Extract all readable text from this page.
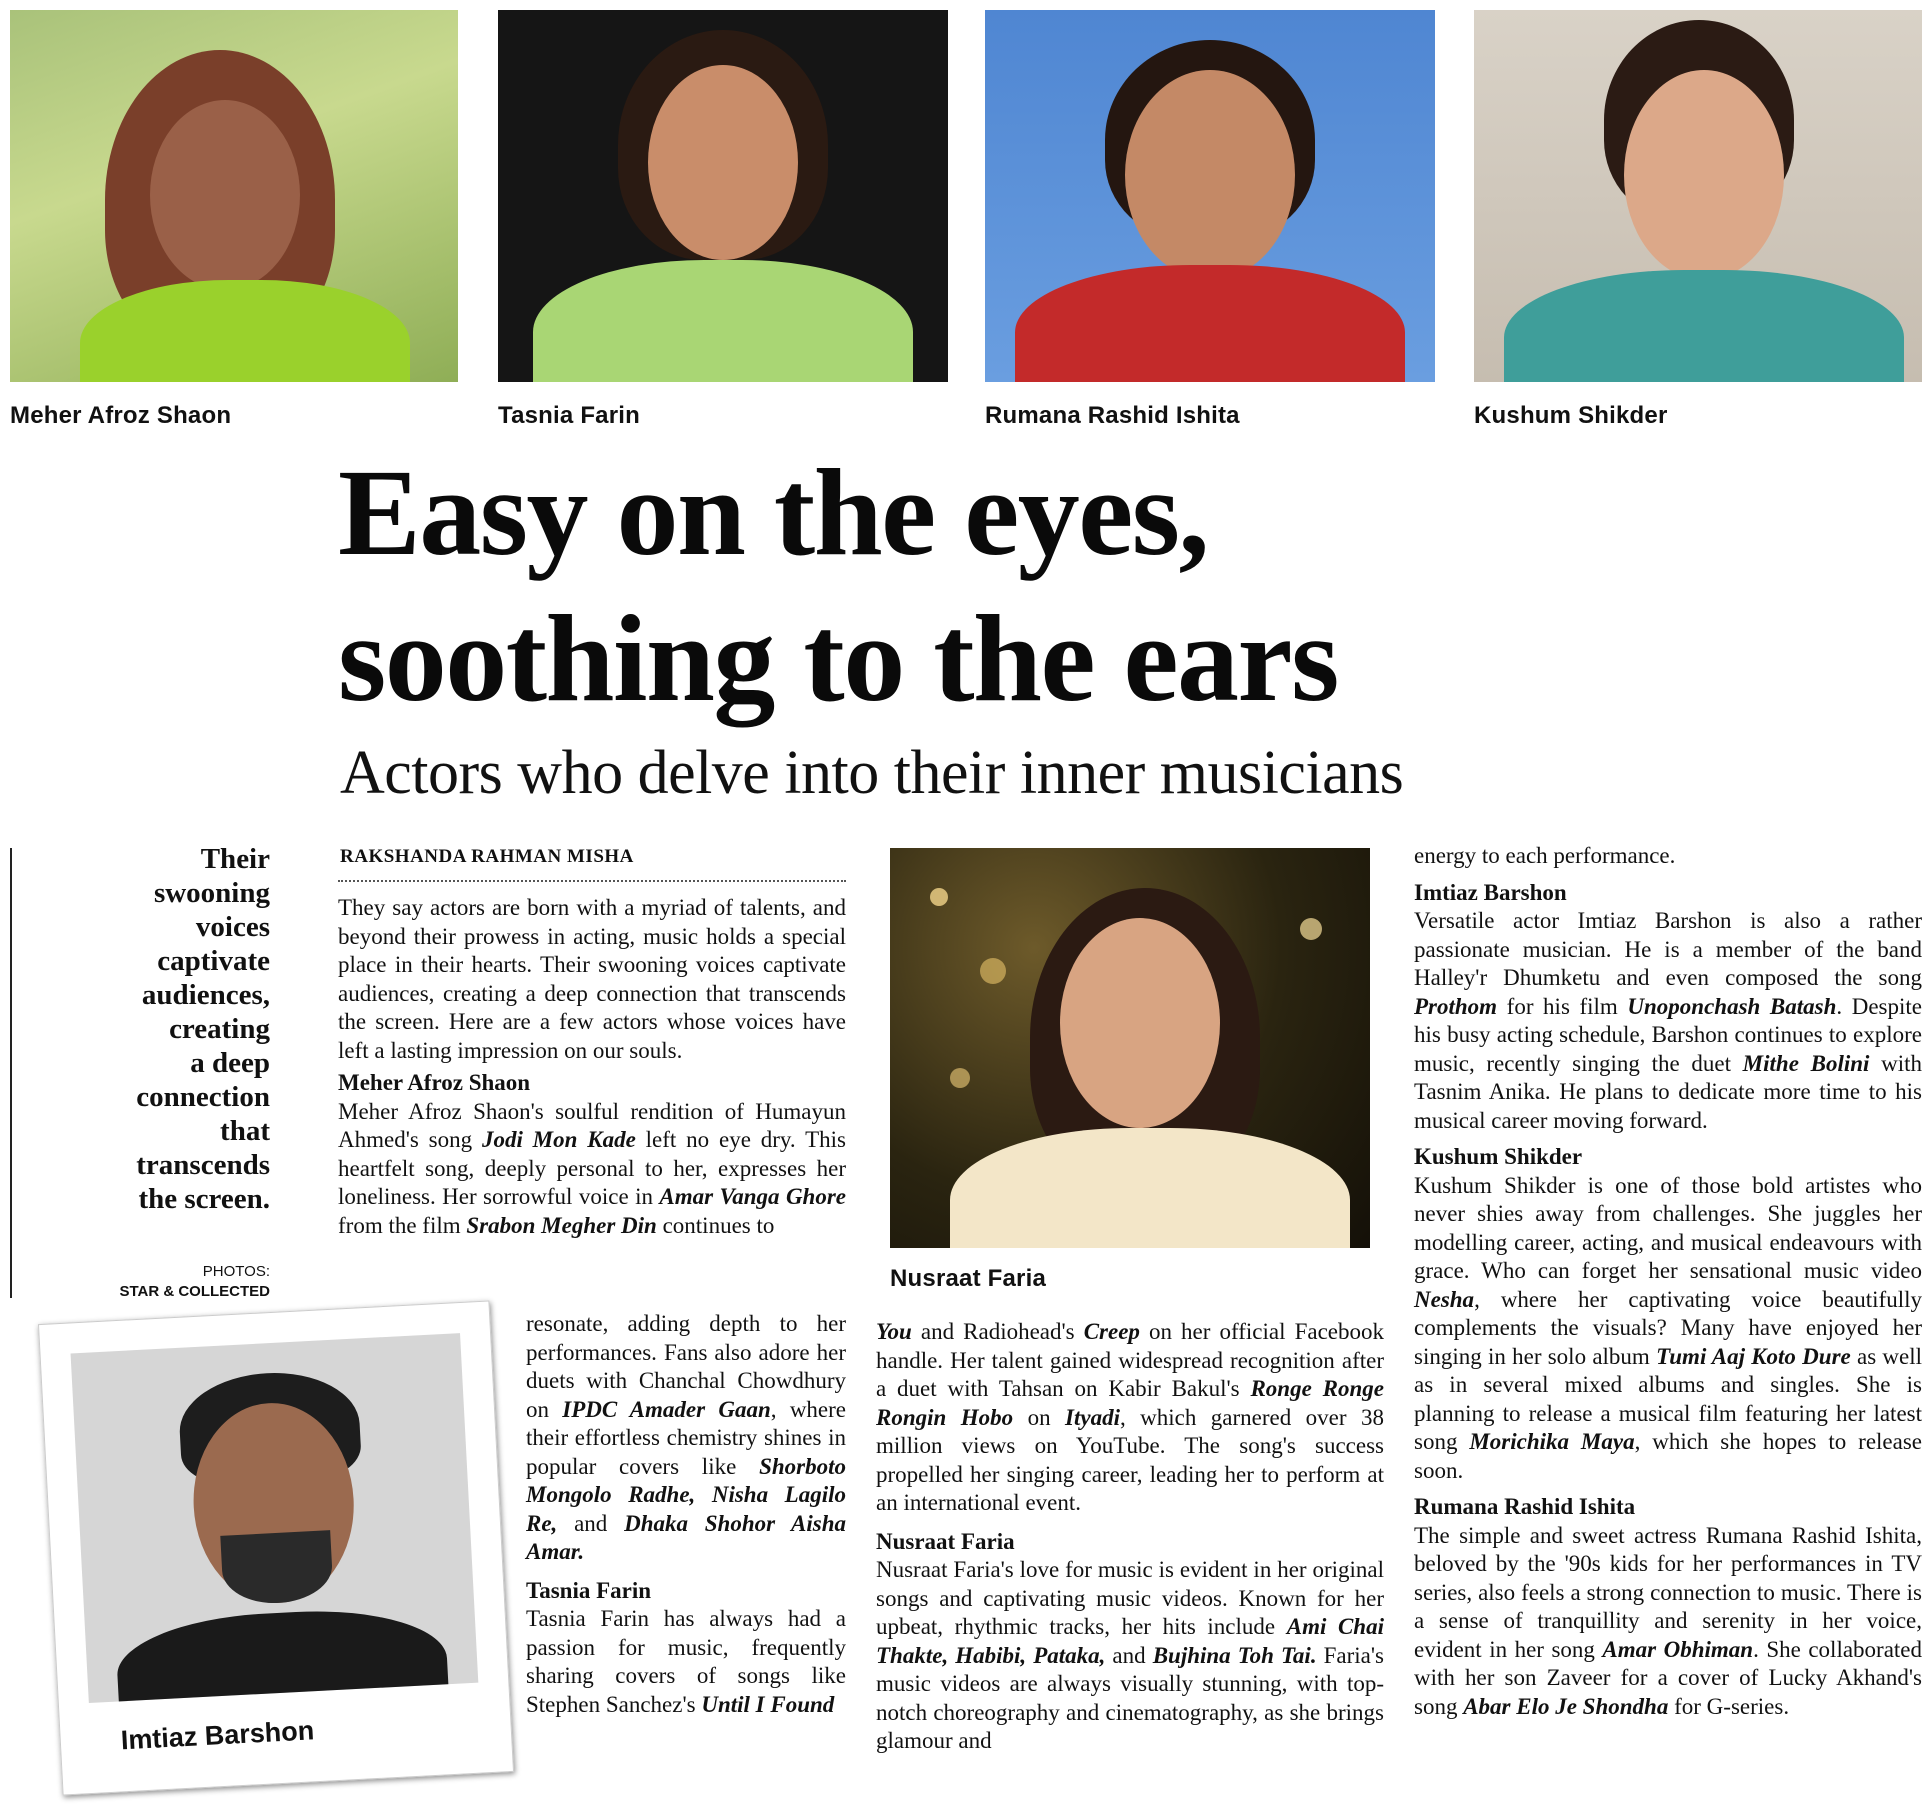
Meher Afroz Shaon	Tasnia Farin	Rumana Rashid Ishita	Kushum Shikder
Easy on the eyes,
soothing to the ears
Actors who delve into their inner musicians
Their
swooning
voices
captivate
audiences,
creating
a deep
connection
that
transcends
the screen.
PHOTOS:
STAR & COLLECTED
RAKSHANDA RAHMAN MISHA

They say actors are born with a myriad of talents, and beyond their prowess in acting, music holds a special place in their hearts. Their swooning voices captivate audiences, creating a deep connection that transcends the screen. Here are a few actors whose voices have left a lasting impression on our souls.

Meher Afroz Shaon

Meher Afroz Shaon's soulful rendition of Humayun Ahmed's song Jodi Mon Kade left no eye dry. This heartfelt song, deeply personal to her, expresses her loneliness. Her sorrowful voice in Amar Vanga Ghore from the film Srabon Megher Din continues to

resonate, adding depth to her performances. Fans also adore her duets with Chanchal Chowdhury on IPDC Amader Gaan, where their effortless chemistry shines in popular covers like Shorboto Mongolo Radhe, Nisha Lagilo Re, and Dhaka Shohor Aisha Amar.

Tasnia Farin

Tasnia Farin has always had a passion for music, frequently sharing covers of songs like Stephen Sanchez's Until I Found

Imtiaz Barshon
Nusraat Faria

You and Radiohead's Creep on her official Facebook handle. Her talent gained widespread recognition after a duet with Tahsan on Kabir Bakul's Ronge Ronge Rongin Hobo on Ityadi, which garnered over 38 million views on YouTube. The song's success propelled her singing career, leading her to perform at an international event.

Nusraat Faria

Nusraat Faria's love for music is evident in her original songs and captivating music videos. Known for her upbeat, rhythmic tracks, her hits include Ami Chai Thakte, Habibi, Pataka, and Bujhina Toh Tai. Faria's music videos are always visually stunning, with top-notch choreography and cinematography, as she brings glamour and

energy to each performance.

Imtiaz Barshon

Versatile actor Imtiaz Barshon is also a rather passionate musician. He is a member of the band Halley'r Dhumketu and even composed the song Prothom for his film Unoponchash Batash. Despite his busy acting schedule, Barshon continues to explore music, recently singing the duet Mithe Bolini with Tasnim Anika. He plans to dedicate more time to his musical career moving forward.

Kushum Shikder

Kushum Shikder is one of those bold artistes who never shies away from challenges. She juggles her modelling career, acting, and musical endeavours with grace. Who can forget her sensational music video Nesha, where her captivating voice beautifully complements the visuals? Many have enjoyed her singing in her solo album Tumi Aaj Koto Dure as well as in several mixed albums and singles. She is planning to release a musical film featuring her latest song Morichika Maya, which she hopes to release soon.

Rumana Rashid Ishita

The simple and sweet actress Rumana Rashid Ishita, beloved by the '90s kids for her performances in TV series, also feels a strong connection to music. There is a sense of tranquillity and serenity in her voice, evident in her song Amar Obhiman. She collaborated with her son Zaveer for a cover of Lucky Akhand's song Abar Elo Je Shondha for G-series.
